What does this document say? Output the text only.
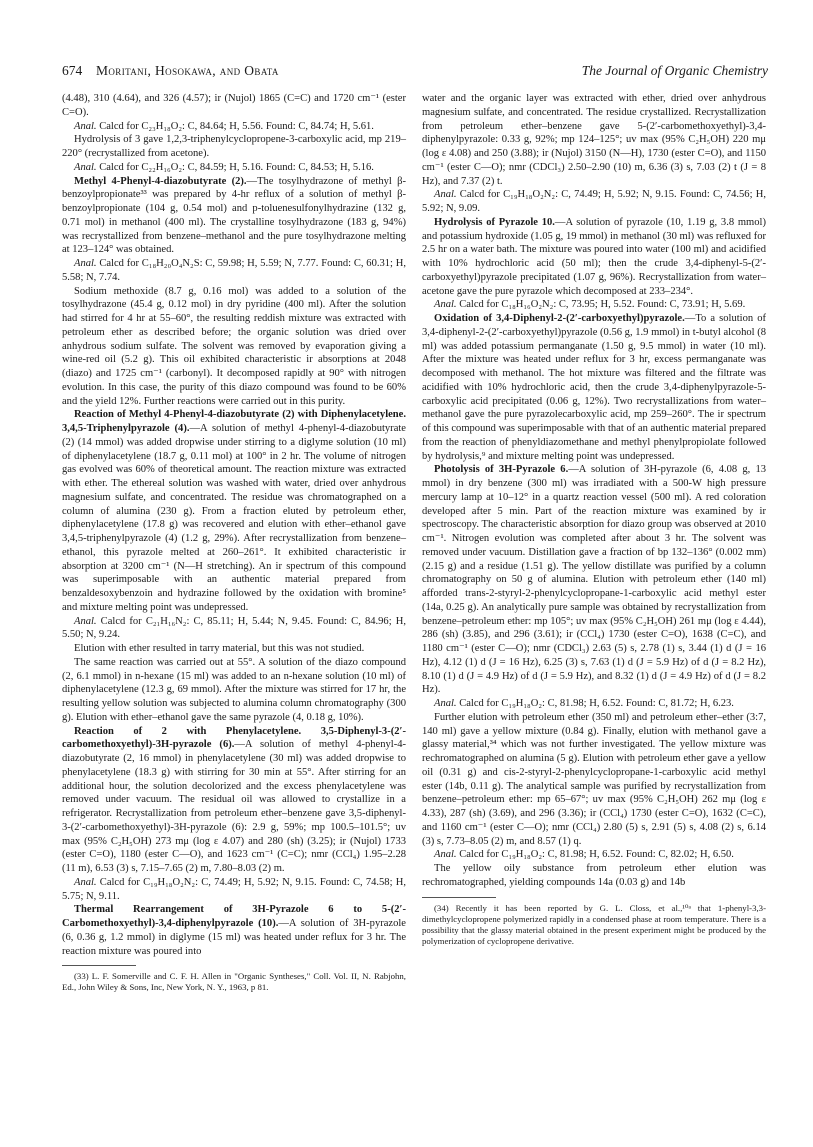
674 Moritani, Hosokawa, and Obata	The Journal of Organic Chemistry

(4.48), 310 (4.64), and 326 (4.57); ir (Nujol) 1865 (C=C) and 1720 cm⁻¹ (ester C=O).

Anal. Calcd for C₂₃H₁₈O₂: C, 84.64; H, 5.56. Found: C, 84.74; H, 5.61.

Hydrolysis of 3 gave 1,2,3-triphenylcyclopropene-3-carboxylic acid, mp 219–220° (recrystallized from acetone).

Anal. Calcd for C₂₂H₁₆O₂: C, 84.59; H, 5.16. Found: C, 84.53; H, 5.16.

Methyl 4-Phenyl-4-diazobutyrate (2).—The tosylhydrazone of methyl β-benzoylpropionate³³ was prepared by 4-hr reflux of a solution of methyl β-benzoylpropionate (104 g, 0.54 mol) and p-toluenesulfonylhydrazine (132 g, 0.71 mol) in methanol (400 ml). The crystalline tosylhydrazone (183 g, 94%) was recrystallized from benzene–methanol and the pure tosylhydrazone melting at 123–124° was obtained.

Anal. Calcd for C₁₈H₂₀O₄N₂S: C, 59.98; H, 5.59; N, 7.77. Found: C, 60.31; H, 5.58; N, 7.74.

Sodium methoxide (8.7 g, 0.16 mol) was added to a solution of the tosylhydrazone (45.4 g, 0.12 mol) in dry pyridine (400 ml). After the solution had stirred for 4 hr at 55–60°, the resulting reddish mixture was extracted with petroleum ether as described before; the organic solution was dried over anhydrous sodium sulfate. The solvent was removed by evaporation giving a wine-red oil (5.2 g). This oil exhibited characteristic ir absorptions at 2048 (diazo) and 1725 cm⁻¹ (carbonyl). It decomposed rapidly at 90° with nitrogen evolution. In this case, the purity of this diazo compound was found to be 60% and the yield 12%. Further reactions were carried out in this purity.

Reaction of Methyl 4-Phenyl-4-diazobutyrate (2) with Diphenylacetylene. 3,4,5-Triphenylpyrazole (4).—A solution of methyl 4-phenyl-4-diazobutyrate (2) (14 mmol) was added dropwise under stirring to a diglyme solution (10 ml) of diphenylacetylene (18.7 g, 0.11 mol) at 100° in 2 hr. The volume of nitrogen gas evolved was 60% of theoretical amount. The reaction mixture was extracted with ether. The ethereal solution was washed with water, dried over anhydrous magnesium sulfate, and concentrated. The residue was chromatographed on a column of alumina (230 g). From a fraction eluted by petroleum ether, diphenylacetylene (17.8 g) was recovered and elution with ether–ethanol gave 3,4,5-triphenylpyrazole (4) (1.2 g, 29%). After recrystallization from benzene–ethanol, this pyrazole melted at 260–261°. It exhibited characteristic ir absorption at 3200 cm⁻¹ (N—H stretching). An ir spectrum of this compound was superimposable with an authentic material prepared from benzaldesoxybenzoin and hydrazine followed by the oxidation with bromine⁵ and mixture melting point was undepressed.

Anal. Calcd for C₂₁H₁₆N₂: C, 85.11; H, 5.44; N, 9.45. Found: C, 84.96; H, 5.50; N, 9.24.

Elution with ether resulted in tarry material, but this was not studied.

The same reaction was carried out at 55°. A solution of the diazo compound (2, 6.1 mmol) in n-hexane (15 ml) was added to an n-hexane solution (10 ml) of diphenylacetylene (12.3 g, 69 mmol). After the mixture was stirred for 17 hr, the resulting yellow solution was subjected to alumina column chromatography (300 g). Elution with ether–ethanol gave the same pyrazole (4, 0.18 g, 10%).

Reaction of 2 with Phenylacetylene. 3,5-Diphenyl-3-(2′-carbomethoxyethyl)-3H-pyrazole (6).—A solution of methyl 4-phenyl-4-diazobutyrate (2, 16 mmol) in phenylacetylene (30 ml) was added dropwise to phenylacetylene (18.3 g) with stirring for 30 min at 55°. After stirring for an additional hour, the solution decolorized and the excess phenylacetylene was removed under vacuum. The residual oil was allowed to crystallize in a refrigerator. Recrystallization from petroleum ether–benzene gave 3,5-diphenyl-3-(2′-carbomethoxyethyl)-3H-pyrazole (6): 2.9 g, 59%; mp 100.5–101.5°; uv max (95% C₂H₅OH) 273 mμ (log ε 4.07) and 280 (sh) (3.25); ir (Nujol) 1733 (ester C=O), 1180 (ester C—O), and 1623 cm⁻¹ (C=C); nmr (CCl₄) 1.95–2.28 (11 m), 6.53 (3) s, 7.15–7.65 (2) m, 7.80–8.03 (2) m.

Anal. Calcd for C₁₉H₁₈O₂N₂: C, 74.49; H, 5.92; N, 9.15. Found: C, 74.58; H, 5.75; N, 9.11.

Thermal Rearrangement of 3H-Pyrazole 6 to 5-(2′-Carbomethoxyethyl)-3,4-diphenylpyrazole (10).—A solution of 3H-pyrazole (6, 0.36 g, 1.2 mmol) in diglyme (15 ml) was heated under reflux for 3 hr. The reaction mixture was poured into

(33) L. F. Somerville and C. F. H. Allen in "Organic Syntheses," Coll. Vol. II, N. Rabjohn, Ed., John Wiley & Sons, Inc, New York, N. Y., 1963, p 81.

water and the organic layer was extracted with ether, dried over anhydrous magnesium sulfate, and concentrated. The residue crystallized. Recrystallization from petroleum ether–benzene gave 5-(2′-carbomethoxyethyl)-3,4-diphenylpyrazole: 0.33 g, 92%; mp 124–125°; uv max (95% C₂H₅OH) 220 mμ (log ε 4.08) and 250 (3.88); ir (Nujol) 3150 (N—H), 1730 (ester C=O), and 1150 cm⁻¹ (ester C—O); nmr (CDCl₃) 2.50–2.90 (10) m, 6.36 (3) s, 7.03 (2) t (J = 8 Hz), and 7.37 (2) t.

Anal. Calcd for C₁₉H₁₈O₂N₂: C, 74.49; H, 5.92; N, 9.15. Found: C, 74.56; H, 5.92; N, 9.09.

Hydrolysis of Pyrazole 10.—A solution of pyrazole (10, 1.19 g, 3.8 mmol) and potassium hydroxide (1.05 g, 19 mmol) in methanol (30 ml) was refluxed for 2.5 hr on a water bath. The mixture was poured into water (100 ml) and acidified with 10% hydrochloric acid (50 ml); then the crude 3,4-diphenyl-5-(2′-carboxyethyl)pyrazole precipitated (1.07 g, 96%). Recrystallization from water–acetone gave the pure pyrazole which decomposed at 233–234°.

Anal. Calcd for C₁₈H₁₆O₂N₂: C, 73.95; H, 5.52. Found: C, 73.91; H, 5.69.

Oxidation of 3,4-Diphenyl-2-(2′-carboxyethyl)pyrazole.—To a solution of 3,4-diphenyl-2-(2′-carboxyethyl)pyrazole (0.56 g, 1.9 mmol) in t-butyl alcohol (8 ml) was added potassium permanganate (1.50 g, 9.5 mmol) in water (10 ml). After the mixture was heated under reflux for 3 hr, excess permanganate was decomposed with methanol. The hot mixture was filtered and the filtrate was acidified with 10% hydrochloric acid, then the crude 3,4-diphenylpyrazole-5-carboxylic acid precipitated (0.06 g, 12%). Two recrystallizations from water–methanol gave the pure pyrazolecarboxylic acid, mp 259–260°. The ir spectrum of this compound was superimposable with that of an authentic material prepared from the reaction of phenyldiazomethane and methyl phenylpropiolate followed by hydrolysis,⁹ and mixture melting point was undepressed.

Photolysis of 3H-Pyrazole 6.—A solution of 3H-pyrazole (6, 4.08 g, 13 mmol) in dry benzene (300 ml) was irradiated with a 500-W high pressure mercury lamp at 10–12° in a quartz reaction vessel (500 ml). A red coloration developed after 5 min. Part of the reaction mixture was examined by ir spectroscopy. The characteristic absorption for diazo group was observed at 2010 cm⁻¹. Nitrogen evolution was completed after about 3 hr. The solvent was removed under vacuum. Distillation gave a fraction of bp 132–136° (0.002 mm) (2.15 g) and a residue (1.51 g). The yellow distillate was purified by a column chromatography on 50 g of alumina. Elution with petroleum ether (140 ml) afforded trans-2-styryl-2-phenylcyclopropane-1-carboxylic acid methyl ester (14a, 0.25 g). An analytically pure sample was obtained by recrystallization from benzene–petroleum ether: mp 105°; uv max (95% C₂H₅OH) 261 mμ (log ε 4.44), 286 (sh) (3.85), and 296 (3.61); ir (CCl₄) 1730 (ester C=O), 1638 (C=C), and 1180 cm⁻¹ (ester C—O); nmr (CDCl₃) 2.63 (5) s, 2.78 (1) s, 3.44 (1) d (J = 16 Hz), 4.12 (1) d (J = 16 Hz), 6.25 (3) s, 7.63 (1) d (J = 5.9 Hz) of d (J = 8.2 Hz), 8.10 (1) d (J = 4.9 Hz) of d (J = 5.9 Hz), and 8.32 (1) d (J = 4.9 Hz) of d (J = 8.2 Hz).

Anal. Calcd for C₁₉H₁₈O₂: C, 81.98; H, 6.52. Found: C, 81.72; H, 6.23.

Further elution with petroleum ether (350 ml) and petroleum ether–ether (3:7, 140 ml) gave a yellow mixture (0.84 g). Finally, elution with methanol gave a glassy material,³⁴ which was not further investigated. The yellow mixture was rechromatographed on alumina (5 g). Elution with petroleum ether gave a yellow oil (0.31 g) and cis-2-styryl-2-phenylcyclopropane-1-carboxylic acid methyl ester (14b, 0.11 g). The analytical sample was purified by recrystallization from benzene–petroleum ether: mp 65–67°; uv max (95% C₂H₅OH) 262 mμ (log ε 4.33), 287 (sh) (3.69), and 296 (3.36); ir (CCl₄) 1730 (ester C=O), 1632 (C=C), and 1160 cm⁻¹ (ester C—O); nmr (CCl₄) 2.80 (5) s, 2.91 (5) s, 4.08 (2) s, 6.14 (3) s, 7.73–8.05 (2) m, and 8.57 (1) q.

Anal. Calcd for C₁₉H₁₈O₂: C, 81.98; H, 6.52. Found: C, 82.02; H, 6.50.

The yellow oily substance from petroleum ether elution was rechromatographed, yielding compounds 14a (0.03 g) and 14b

(34) Recently it has been reported by G. L. Closs, et al.,¹⁰ᵃ that 1-phenyl-3,3-dimethylcyclopropene polymerized rapidly in a condensed phase at room temperature. There is a possibility that the glassy material obtained in the present experiment might be produced by the polymerization of cyclopropene derivative.
